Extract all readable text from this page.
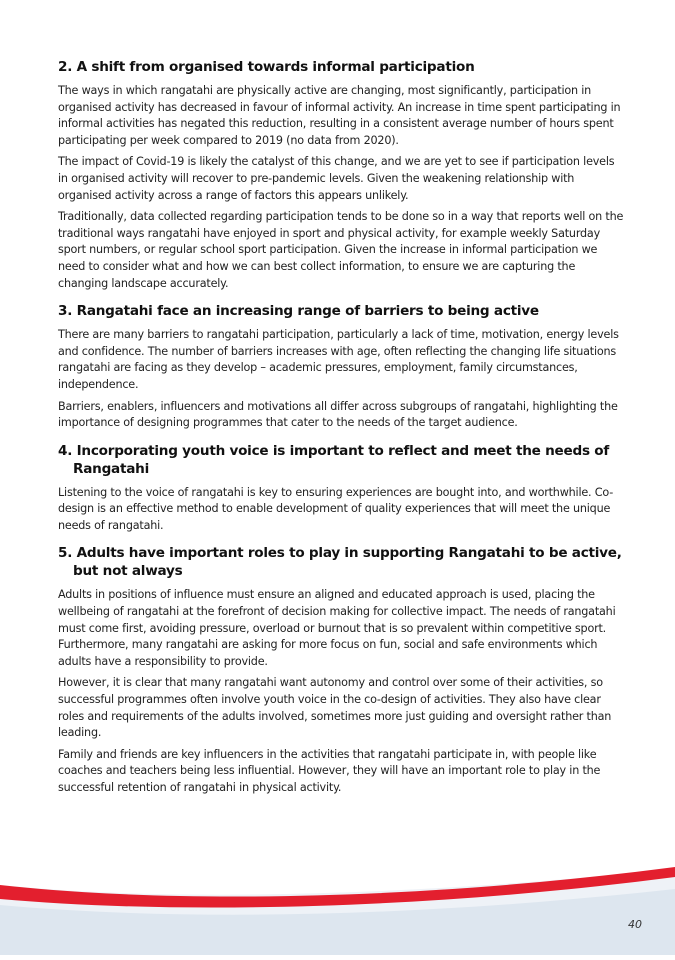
2. A shift from organised towards informal participation

The ways in which rangatahi are physically active are changing, most significantly, participation in organised activity has decreased in favour of informal activity. An increase in time spent participating in informal activities has negated this reduction, resulting in a consistent average number of hours spent participating per week compared to 2019 (no data from 2020).

The impact of Covid-19 is likely the catalyst of this change, and we are yet to see if participation levels in organised activity will recover to pre-pandemic levels. Given the weakening relationship with organised activity across a range of factors this appears unlikely.

Traditionally, data collected regarding participation tends to be done so in a way that reports well on the traditional ways rangatahi have enjoyed in sport and physical activity, for example weekly Saturday sport numbers, or regular school sport participation. Given the increase in informal participation we need to consider what and how we can best collect information, to ensure we are capturing the changing landscape accurately.

3. Rangatahi face an increasing range of barriers to being active

There are many barriers to rangatahi participation, particularly a lack of time, motivation, energy levels and confidence. The number of barriers increases with age, often reflecting the changing life situations rangatahi are facing as they develop – academic pressures, employment, family circumstances, independence.

Barriers, enablers, influencers and motivations all differ across subgroups of rangatahi, highlighting the importance of designing programmes that cater to the needs of the target audience.

4. Incorporating youth voice is important to reflect and meet the needs of Rangatahi

Listening to the voice of rangatahi is key to ensuring experiences are bought into, and worthwhile. Co-design is an effective method to enable development of quality experiences that will meet the unique needs of rangatahi.

5. Adults have important roles to play in supporting Rangatahi to be active, but not always

Adults in positions of influence must ensure an aligned and educated approach is used, placing the wellbeing of rangatahi at the forefront of decision making for collective impact. The needs of rangatahi must come first, avoiding pressure, overload or burnout that is so prevalent within competitive sport. Furthermore, many rangatahi are asking for more focus on fun, social and safe environments which adults have a responsibility to provide.

However, it is clear that many rangatahi want autonomy and control over some of their activities, so successful programmes often involve youth voice in the co-design of activities. They also have clear roles and requirements of the adults involved, sometimes more just guiding and oversight rather than leading.

Family and friends are key influencers in the activities that rangatahi participate in, with people like coaches and teachers being less influential. However, they will have an important role to play in the successful retention of rangatahi in physical activity.

40
